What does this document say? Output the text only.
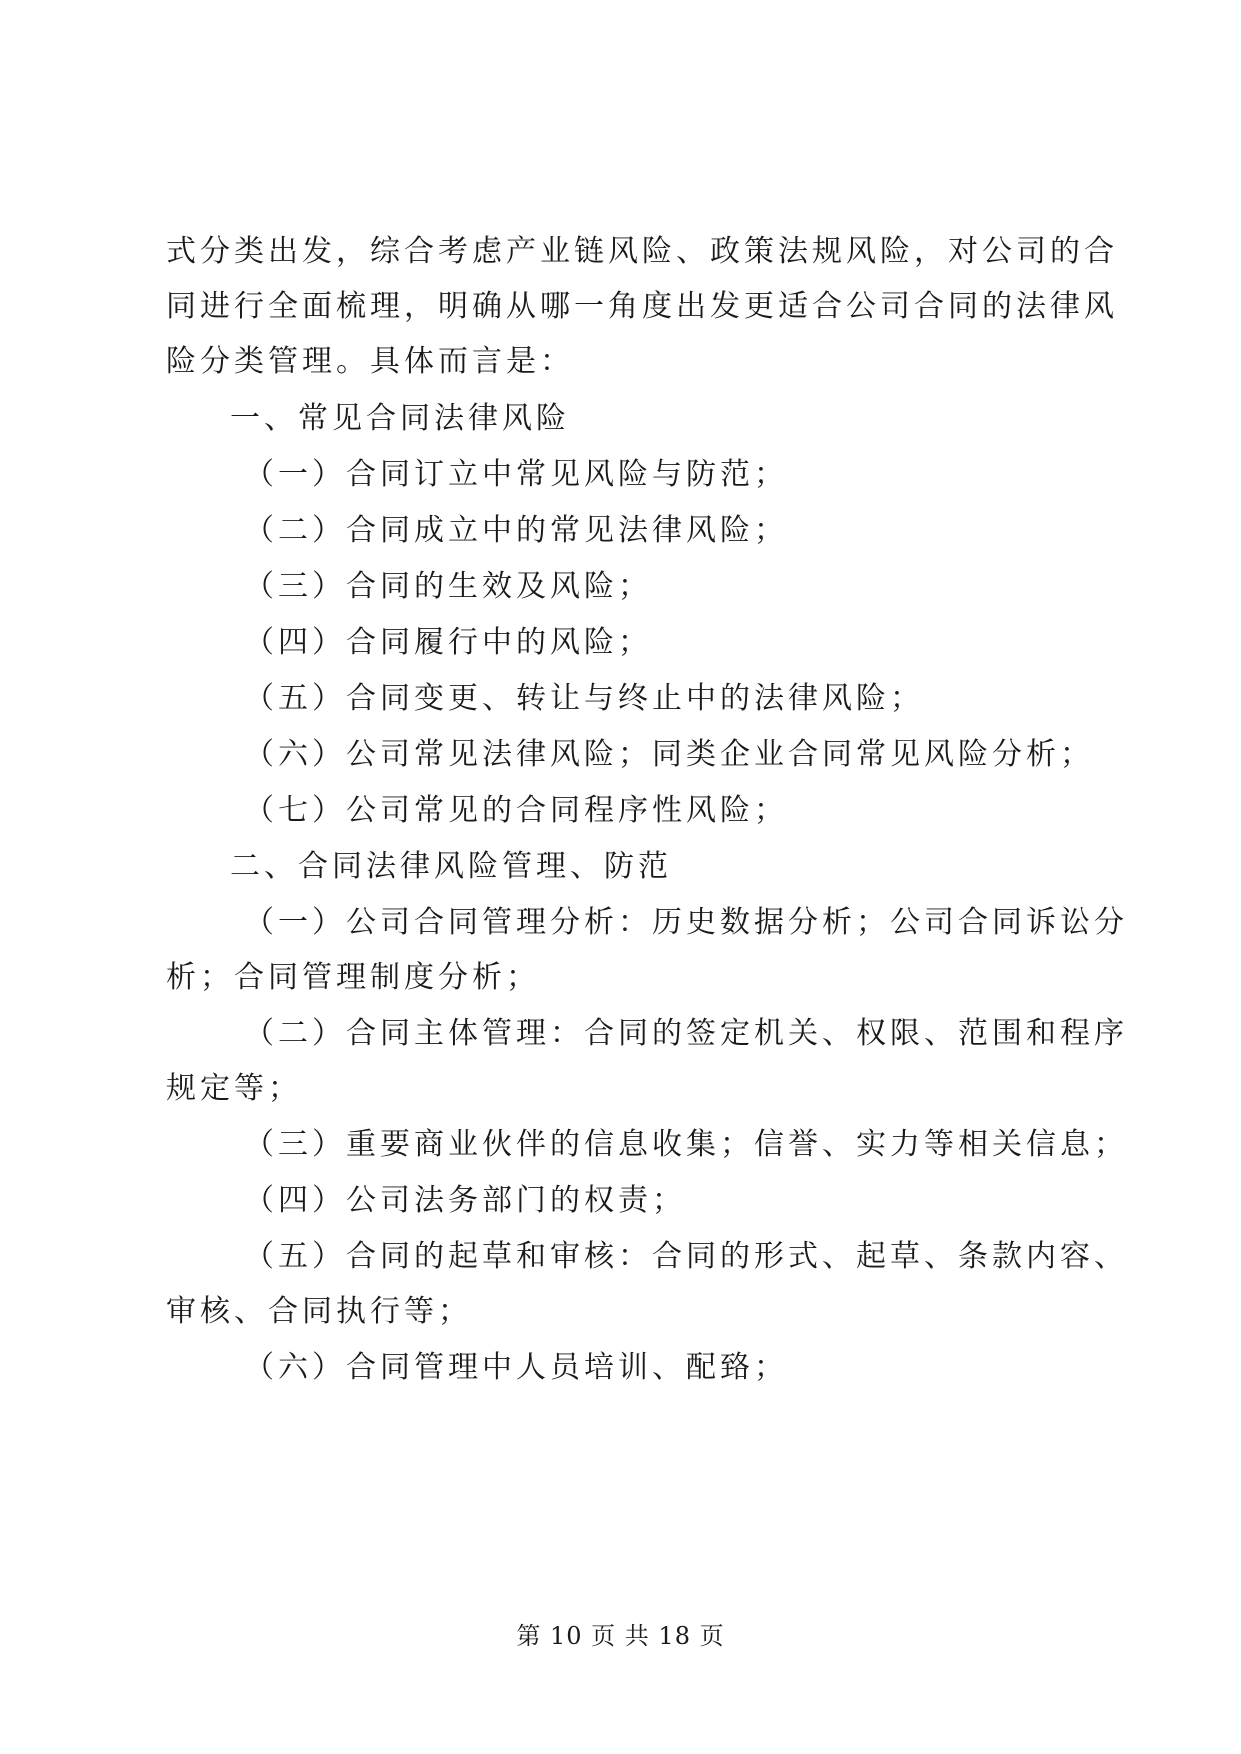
式分类出发，综合考虑产业链风险、政策法规风险，对公司的合
同进行全面梳理，明确从哪一角度出发更适合公司合同的法律风
险分类管理。具体而言是：
一、常见合同法律风险
（一）合同订立中常见风险与防范；
（二）合同成立中的常见法律风险；
（三）合同的生效及风险；
（四）合同履行中的风险；
（五）合同变更、转让与终止中的法律风险；
（六）公司常见法律风险；同类企业合同常见风险分析；
（七）公司常见的合同程序性风险；
二、合同法律风险管理、防范
（一）公司合同管理分析：历史数据分析；公司合同诉讼分
析；合同管理制度分析；
（二）合同主体管理：合同的签定机关、权限、范围和程序
规定等；
（三）重要商业伙伴的信息收集；信誉、实力等相关信息；
（四）公司法务部门的权责；
（五）合同的起草和审核：合同的形式、起草、条款内容、
审核、合同执行等；
（六）合同管理中人员培训、配臵；
第 10 页 共 18 页
